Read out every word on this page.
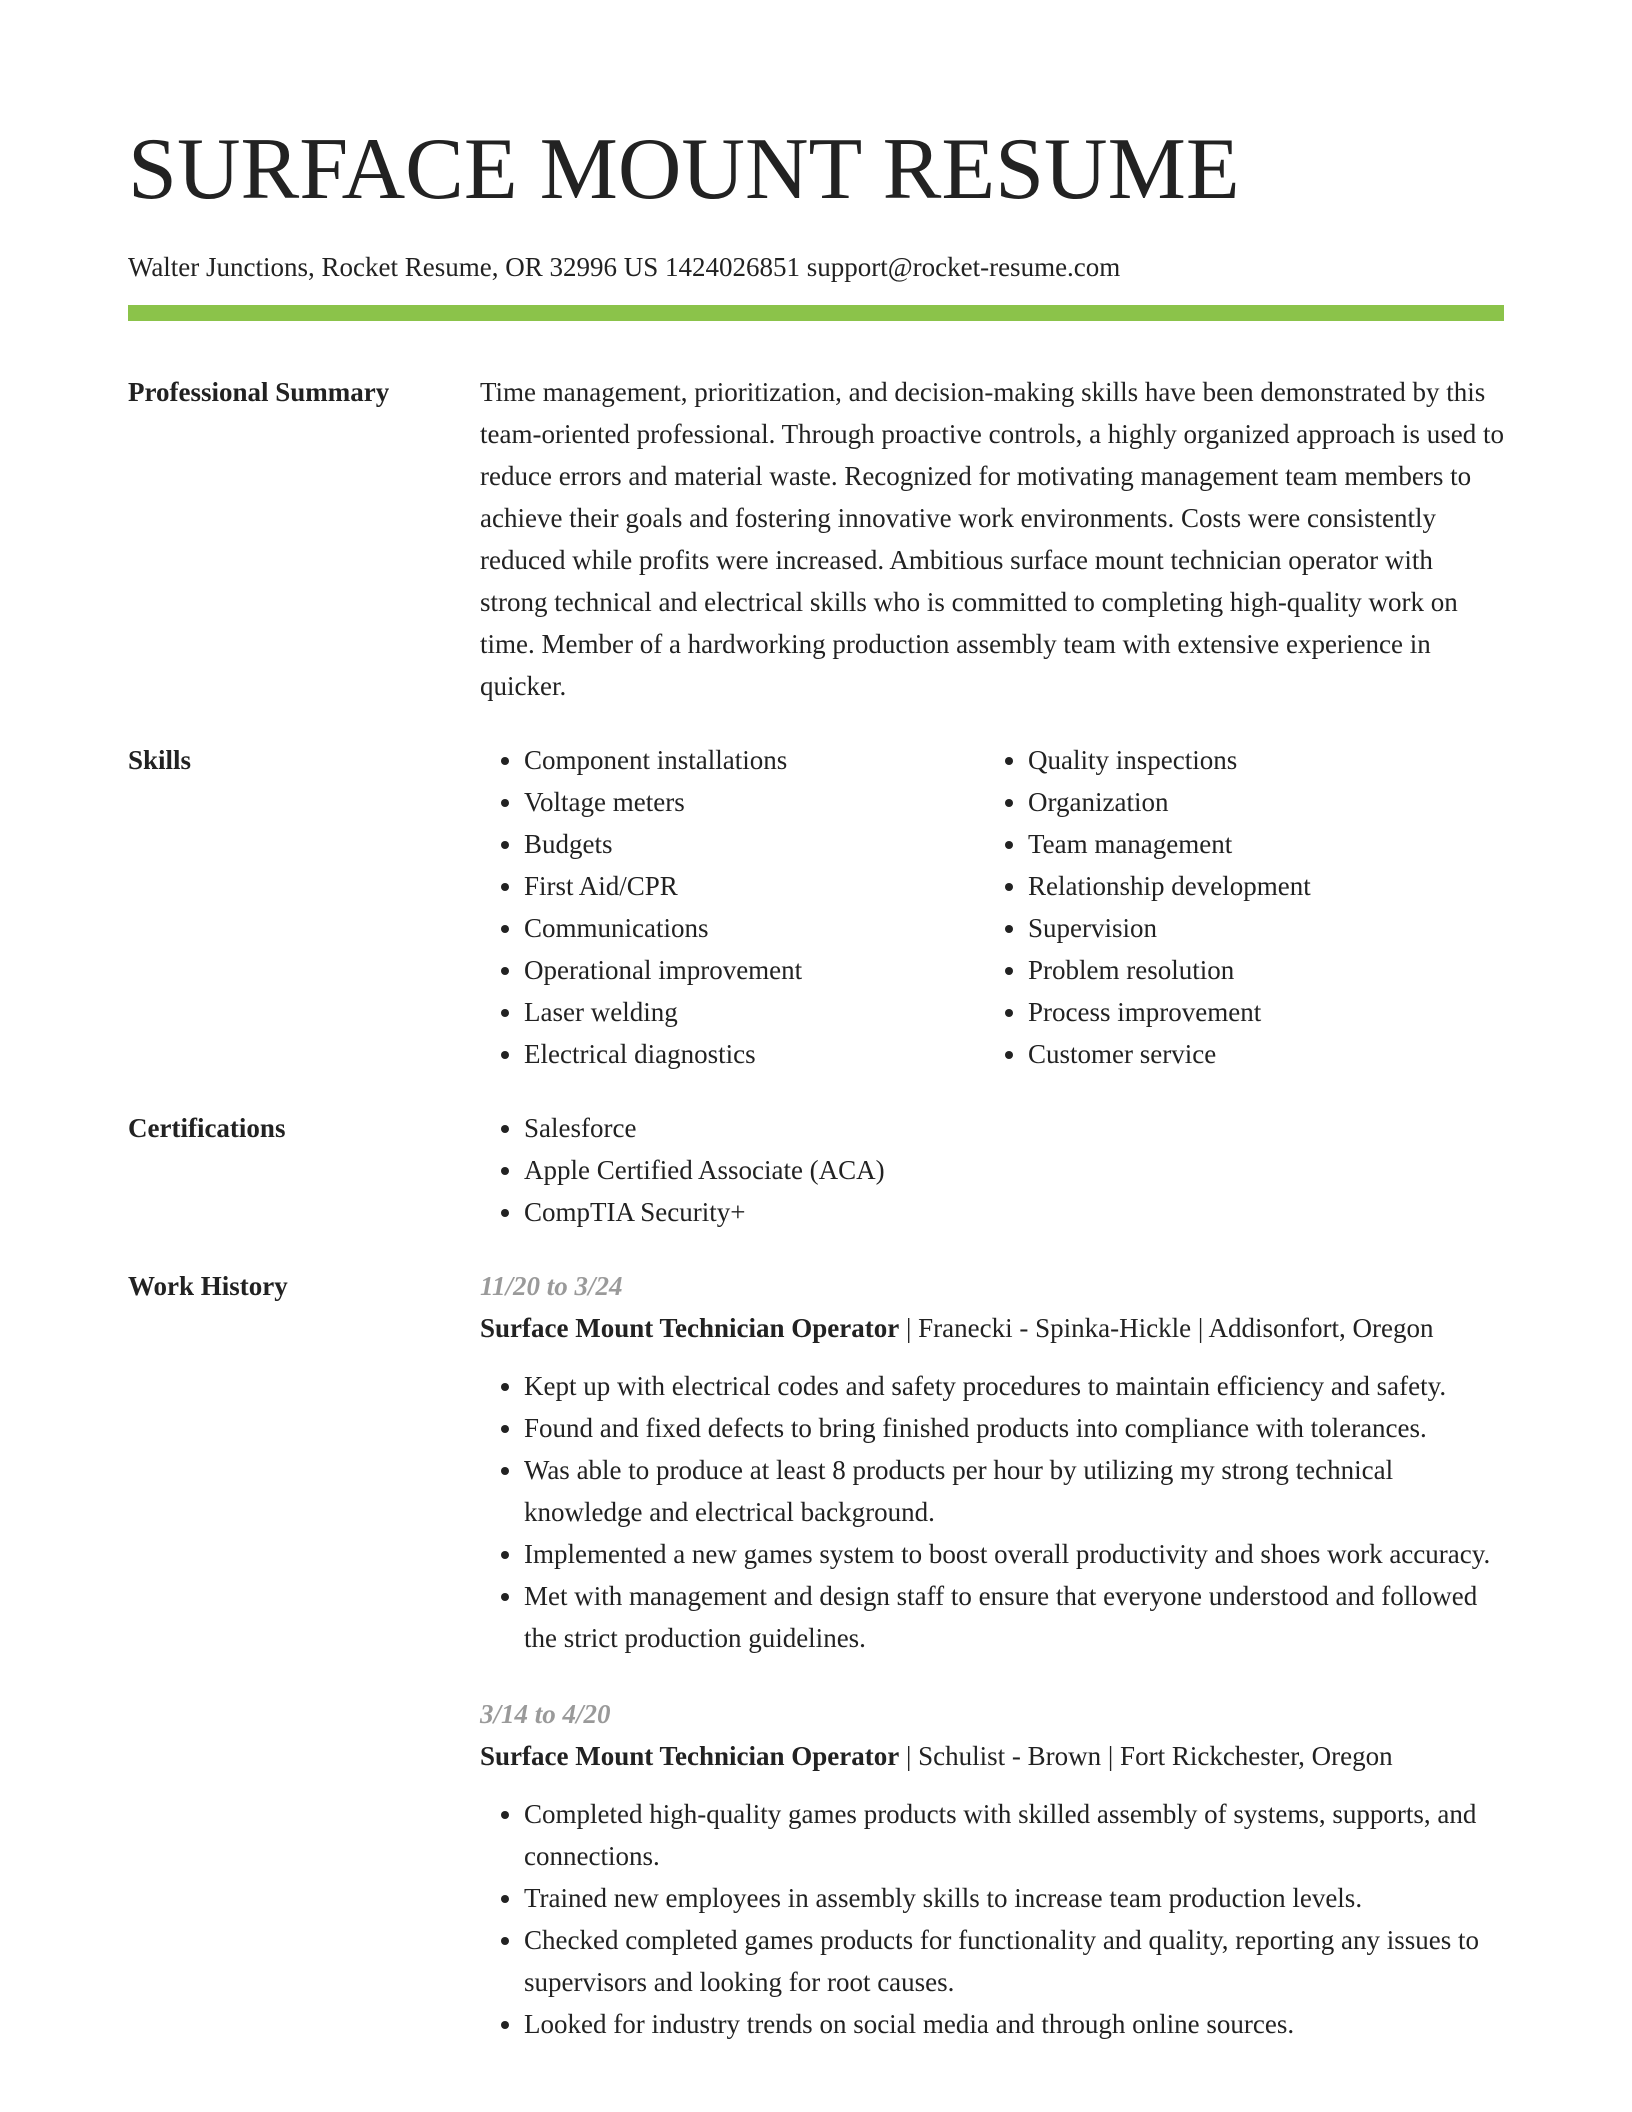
SURFACE MOUNT RESUME
Walter Junctions, Rocket Resume, OR 32996 US 1424026851 support@rocket-resume.com
Professional Summary	Time management, prioritization, and decision-making skills have been demonstrated by this team-oriented professional. Through proactive controls, a highly organized approach is used to reduce errors and material waste. Recognized for motivating management team members to achieve their goals and fostering innovative work environments. Costs were consistently reduced while profits were increased. Ambitious surface mount technician operator with strong technical and electrical skills who is committed to completing high-quality work on time. Member of a hardworking production assembly team with extensive experience in quicker.
Skills	• Component installations
• Voltage meters
• Budgets
• First Aid/CPR
• Communications
• Operational improvement
• Laser welding
• Electrical diagnostics
• Quality inspections
• Organization
• Team management
• Relationship development
• Supervision
• Problem resolution
• Process improvement
• Customer service
Certifications	• Salesforce
• Apple Certified Associate (ACA)
• CompTIA Security+
Work History	11/20 to 3/24
Surface Mount Technician Operator | Franecki - Spinka-Hickle | Addisonfort, Oregon
• Kept up with electrical codes and safety procedures to maintain efficiency and safety.
• Found and fixed defects to bring finished products into compliance with tolerances.
• Was able to produce at least 8 products per hour by utilizing my strong technical knowledge and electrical background.
• Implemented a new games system to boost overall productivity and shoes work accuracy.
• Met with management and design staff to ensure that everyone understood and followed the strict production guidelines.
3/14 to 4/20
Surface Mount Technician Operator | Schulist - Brown | Fort Rickchester, Oregon
• Completed high-quality games products with skilled assembly of systems, supports, and connections.
• Trained new employees in assembly skills to increase team production levels.
• Checked completed games products for functionality and quality, reporting any issues to supervisors and looking for root causes.
• Looked for industry trends on social media and through online sources.
